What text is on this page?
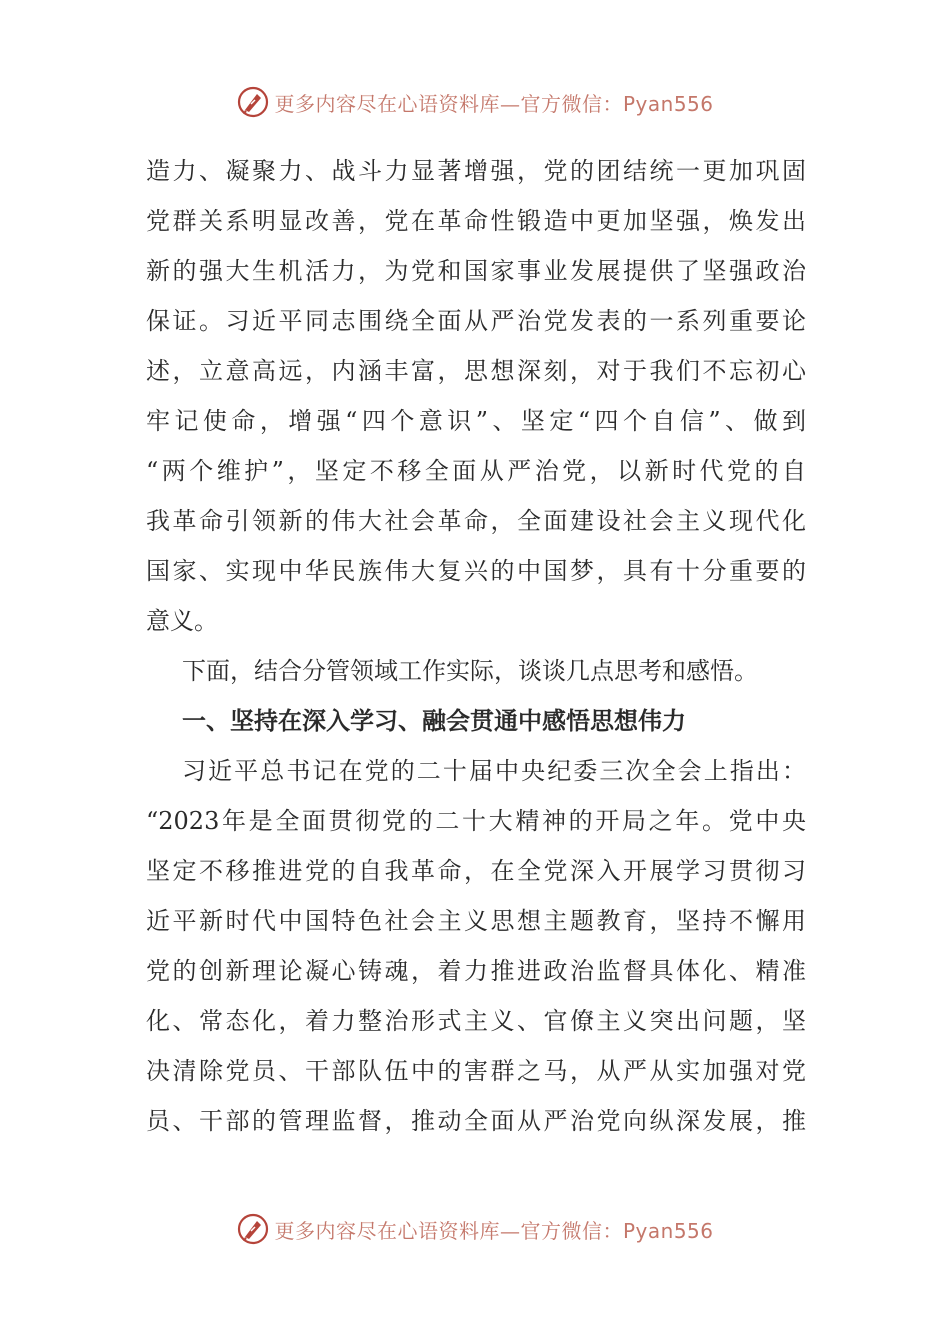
更多内容尽在心语资料库—官方微信：Pyan556
造力、凝聚力、战斗力显著增强，党的团结统一更加巩固
党群关系明显改善，党在革命性锻造中更加坚强，焕发出
新的强大生机活力，为党和国家事业发展提供了坚强政治
保证。习近平同志围绕全面从严治党发表的一系列重要论
述，立意高远，内涵丰富，思想深刻，对于我们不忘初心
牢记使命，增强“四个意识”、坚定“四个自信”、做到
“两个维护”，坚定不移全面从严治党，以新时代党的自
我革命引领新的伟大社会革命，全面建设社会主义现代化
国家、实现中华民族伟大复兴的中国梦，具有十分重要的
意义。
下面，结合分管领域工作实际，谈谈几点思考和感悟。
一、坚持在深入学习、融会贯通中感悟思想伟力
习近平总书记在党的二十届中央纪委三次全会上指出：
“2023年是全面贯彻党的二十大精神的开局之年。党中央
坚定不移推进党的自我革命，在全党深入开展学习贯彻习
近平新时代中国特色社会主义思想主题教育，坚持不懈用
党的创新理论凝心铸魂，着力推进政治监督具体化、精准
化、常态化，着力整治形式主义、官僚主义突出问题，坚
决清除党员、干部队伍中的害群之马，从严从实加强对党
员、干部的管理监督，推动全面从严治党向纵深发展，推
更多内容尽在心语资料库—官方微信：Pyan556
